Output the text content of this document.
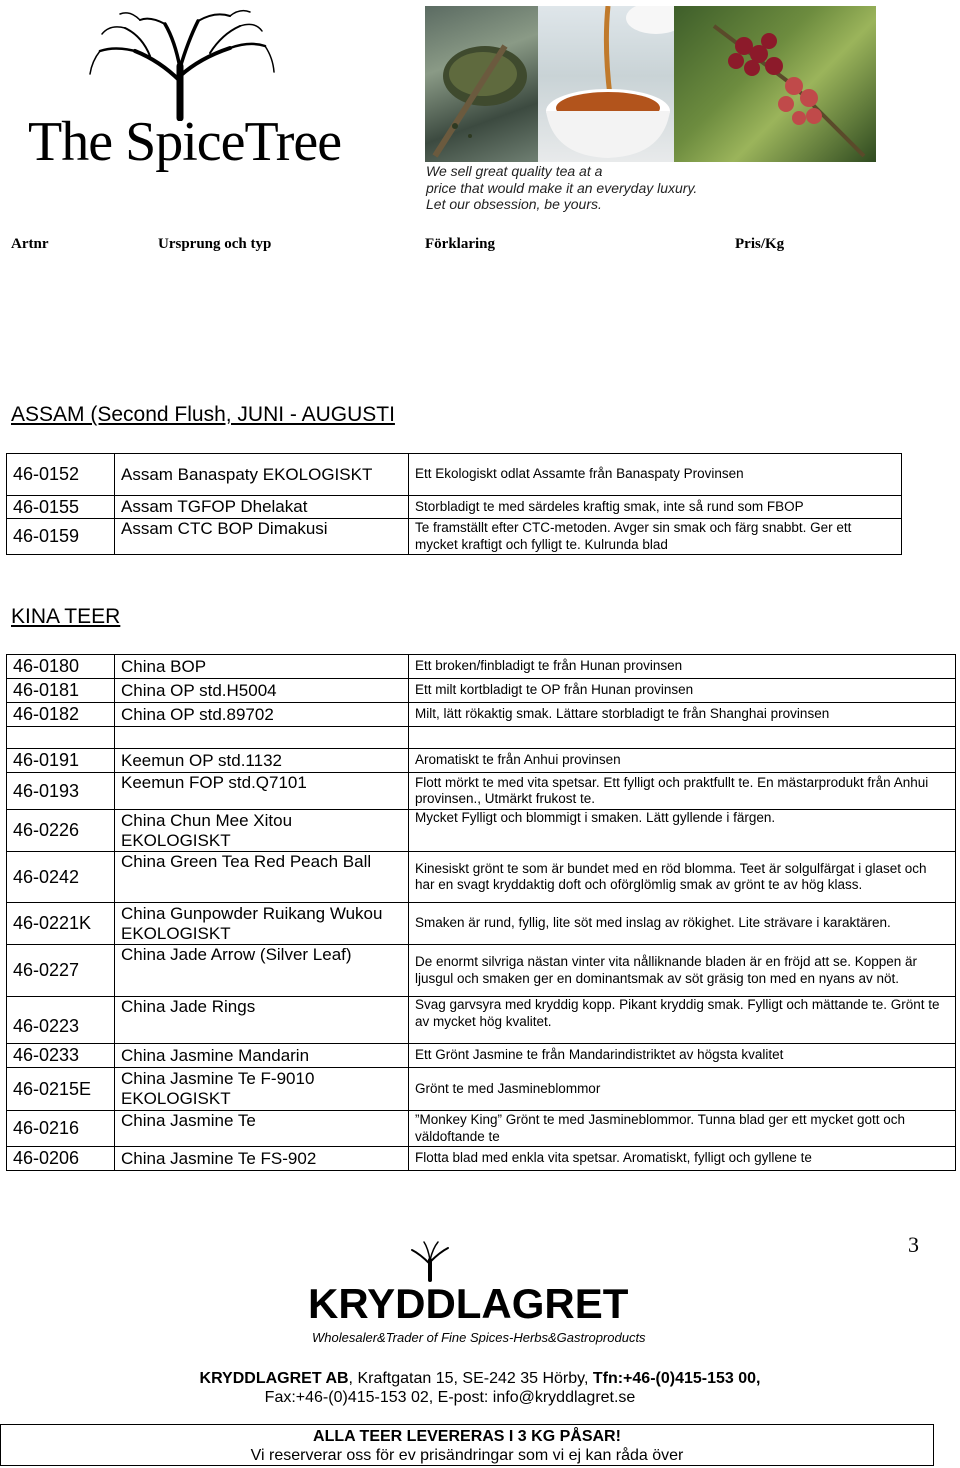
The SpiceTree	We sell great quality tea at a
price that would make it an everyday luxury.
Let our obsession, be yours.
Artnr	Ursprung och typ	Förklaring	Pris/Kg
ASSAM (Second Flush, JUNI - AUGUSTI
46-0152	Assam Banaspaty EKOLOGISKT	Ett Ekologiskt odlat Assamte från Banaspaty Provinsen
46-0155	Assam TGFOP Dhelakat	Storbladigt te med särdeles kraftig smak, inte så rund som FBOP
46-0159	Assam CTC BOP Dimakusi	Te framställt efter CTC-metoden. Avger sin smak och färg snabbt. Ger ett mycket kraftigt och fylligt te. Kulrunda blad
KINA TEER
46-0180	China BOP	Ett broken/finbladigt te från Hunan provinsen
46-0181	China OP std.H5004	Ett milt kortbladigt te OP från Hunan provinsen
46-0182	China OP std.89702	Milt, lätt rökaktig smak. Lättare storbladigt te från Shanghai provinsen

46-0191	Keemun OP std.1132	Aromatiskt te från Anhui provinsen
46-0193	Keemun FOP std.Q7101	Flott mörkt te med vita spetsar. Ett fylligt och praktfullt te. En mästarprodukt från Anhui provinsen., Utmärkt frukost te.
46-0226	China Chun Mee Xitou EKOLOGISKT	Mycket Fylligt och blommigt i smaken. Lätt gyllende i färgen.
46-0242	China Green Tea Red Peach Ball	Kinesiskt grönt te som är bundet med en röd blomma. Teet är solgulfärgat i glaset och har en svagt kryddaktig doft och oförglömlig smak av grönt te av hög klass.
46-0221K	China Gunpowder Ruikang Wukou EKOLOGISKT	Smaken är rund, fyllig, lite söt med inslag av rökighet. Lite strävare i karaktären.
46-0227	China Jade Arrow (Silver Leaf)	De enormt silvriga nästan vinter vita nålliknande bladen är en fröjd att se. Koppen är ljusgul och smaken ger en dominantsmak av söt gräsig ton med en nyans av nöt.
46-0223	China Jade Rings	Svag garvsyra med kryddig kopp. Pikant kryddig smak. Fylligt och mättande te. Grönt te av mycket hög kvalitet.
46-0233	China Jasmine Mandarin	Ett Grönt Jasmine te från Mandarindistriktet av högsta kvalitet
46-0215E	China Jasmine Te F-9010 EKOLOGISKT	Grönt te med Jasmineblommor
46-0216	China Jasmine Te	”Monkey King” Grönt te med Jasmineblommor. Tunna blad ger ett mycket gott och väldoftande te
46-0206	China Jasmine Te FS-902	Flotta blad med enkla vita spetsar. Aromatiskt, fylligt och gyllene te
3
KRYDDLAGRET
Wholesaler&Trader of Fine Spices-Herbs&Gastroproducts
KRYDDLAGRET AB, Kraftgatan 15, SE-242 35 Hörby, Tfn:+46-(0)415-153 00,
Fax:+46-(0)415-153 02, E-post: info@kryddlagret.se
ALLA TEER LEVERERAS I 3 KG PÅSAR!
Vi reserverar oss för ev prisändringar som vi ej kan råda över
